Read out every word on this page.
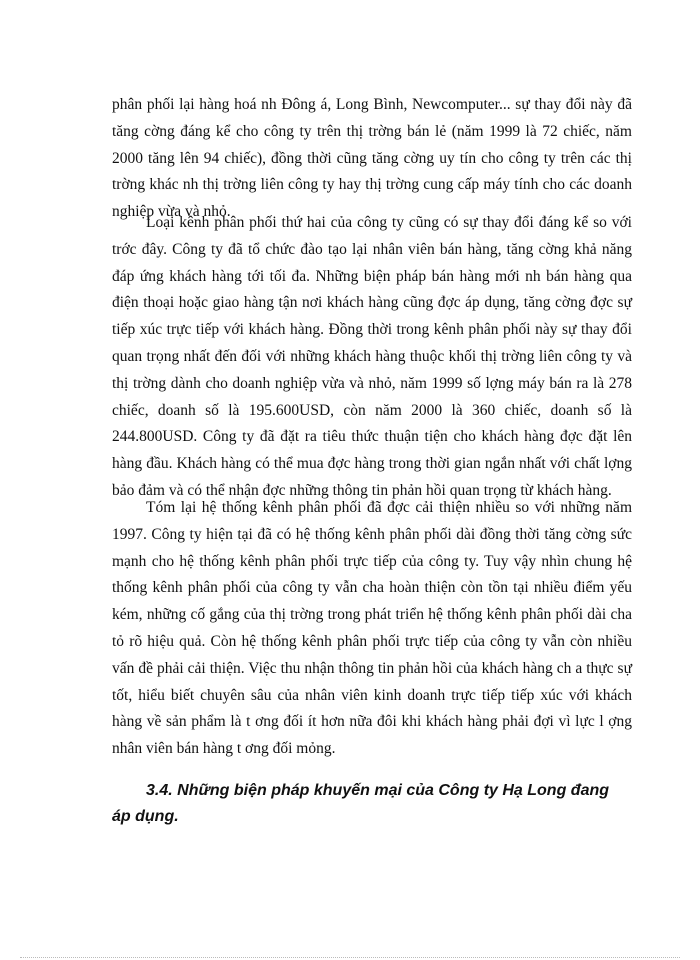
phân phối lại hàng hoá nh Đông á, Long Bình, Newcomputer... sự thay đổi này đã tăng cờng đáng kể cho công ty trên thị trờng bán lẻ (năm 1999 là 72 chiếc, năm 2000 tăng lên 94 chiếc), đồng thời cũng tăng cờng uy tín cho công ty trên các thị trờng khác nh thị trờng liên công ty hay thị trờng cung cấp máy tính cho các doanh nghiệp vừa và nhỏ.

Loại kênh phân phối thứ hai của công ty cũng có sự thay đổi đáng kể so với trớc đây. Công ty đã tổ chức đào tạo lại nhân viên bán hàng, tăng cờng khả năng đáp ứng khách hàng tới tối đa. Những biện pháp bán hàng mới nh bán hàng qua điện thoại hoặc giao hàng tận nơi khách hàng cũng đợc áp dụng, tăng cờng đợc sự tiếp xúc trực tiếp với khách hàng. Đồng thời trong kênh phân phối này sự thay đổi quan trọng nhất đến đối với những khách hàng thuộc khối thị trờng liên công ty và thị trờng dành cho doanh nghiệp vừa và nhỏ, năm 1999 số lợng máy bán ra là 278 chiếc, doanh số là 195.600USD, còn năm 2000 là 360 chiếc, doanh số là 244.800USD. Công ty đã đặt ra tiêu thức thuận tiện cho khách hàng đợc đặt lên hàng đầu. Khách hàng có thể mua đợc hàng trong thời gian ngắn nhất với chất lợng bảo đảm và có thể nhận đợc những thông tin phản hồi quan trọng từ khách hàng.

Tóm lại hệ thống kênh phân phối đã đợc cải thiện nhiều so với những năm 1997. Công ty hiện tại đã có hệ thống kênh phân phối dài đồng thời tăng cờng sức mạnh cho hệ thống kênh phân phối trực tiếp của công ty. Tuy vậy nhìn chung hệ thống kênh phân phối của công ty vẫn cha hoàn thiện còn tồn tại nhiều điểm yếu kém, những cố gắng của thị trờng trong phát triển hệ thống kênh phân phối dài cha tỏ rõ hiệu quả. Còn hệ thống kênh phân phối trực tiếp của công ty vẫn còn nhiều vấn đề phải cải thiện. Việc thu nhận thông tin phản hồi của khách hàng ch a thực sự tốt, hiểu biết chuyên sâu của nhân viên kinh doanh trực tiếp tiếp xúc với khách hàng về sản phẩm là t ơng đối ít hơn nữa đôi khi khách hàng phải đợi vì lực l ợng nhân viên bán hàng t ơng đối mỏng.

3.4. Những biện pháp khuyến mại của Công ty Hạ Long đang áp dụng.
